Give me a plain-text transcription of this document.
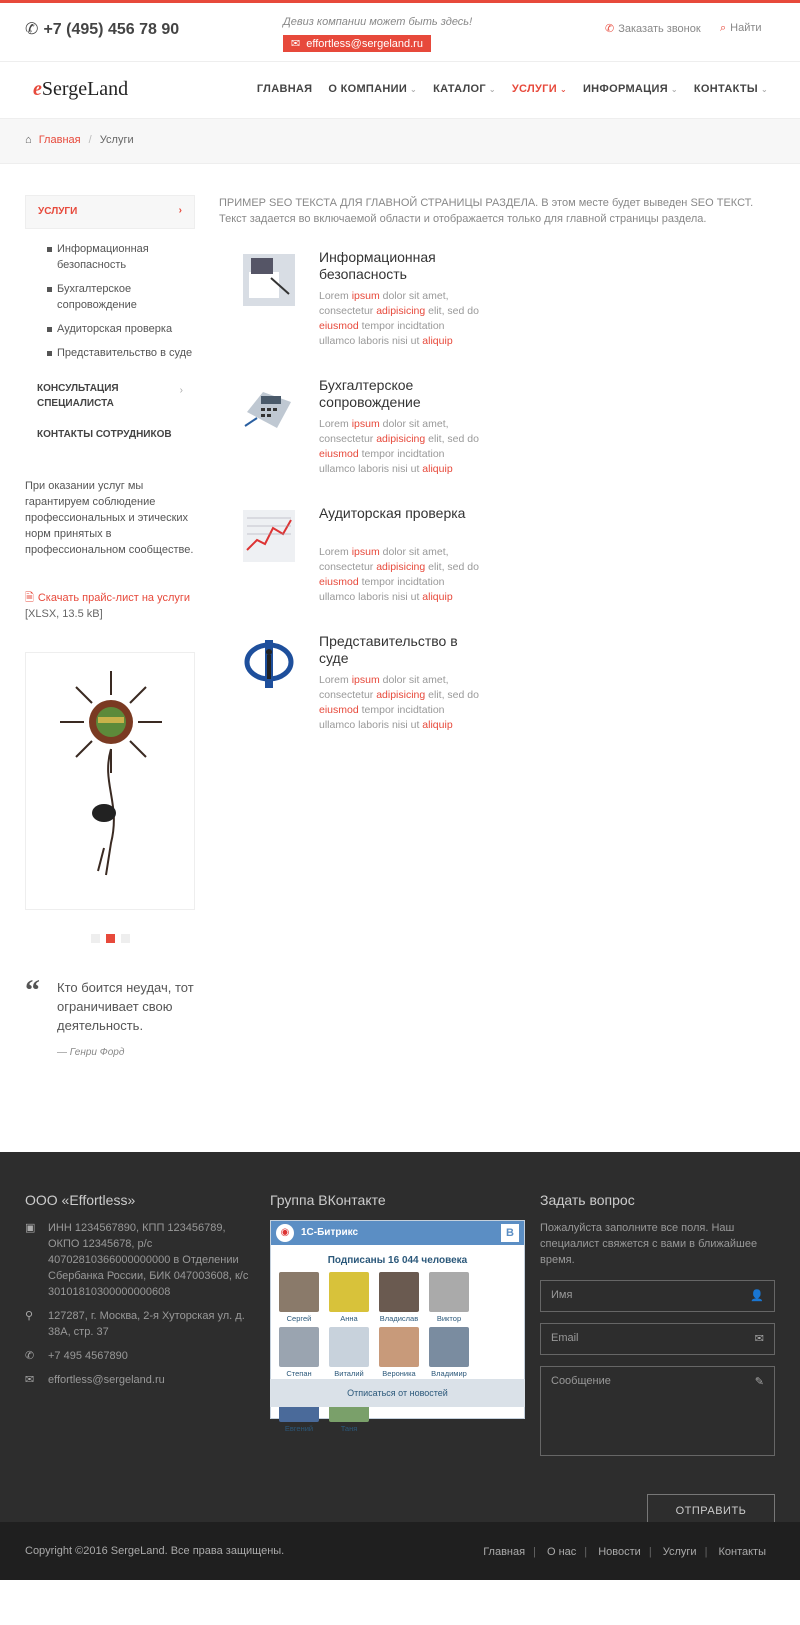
✆ +7 (495) 456 78 90	Девиз компании может быть здесь!
✉ effortless@sergeland.ru
✆ Заказать звонок ⌕ Найти
eSergeLand	ГЛАВНАЯ О КОМПАНИИ ⌄ КАТАЛОГ ⌄ УСЛУГИ ⌄ ИНФОРМАЦИЯ ⌄ КОНТАКТЫ ⌄
⌂ Главная / Услуги
УСЛУГИ	›
Информационная безопасность
Бухгалтерское сопровождение
Аудиторская проверка
Представительство в суде
КОНСУЛЬТАЦИЯ СПЕЦИАЛИСТА
›
КОНТАКТЫ СОТРУДНИКОВ
При оказании услуг мы гарантируем соблюдение профессиональных и этических норм принятых в профессиональном сообществе.
🗎 Скачать прайс-лист на услуги [XLSX, 13.5 kB]
“ Кто боится неудач, тот ограничивает свою деятельность.
— Генри Форд
ПРИМЕР SEO ТЕКСТА ДЛЯ ГЛАВНОЙ СТРАНИЦЫ РАЗДЕЛА. В этом месте будет выведен SEO ТЕКСТ. Текст задается во включаемой области и отображается только для главной страницы раздела.
Информационная безопасность
Lorem ipsum dolor sit amet, consectetur adipisicing elit, sed do eiusmod tempor incidtation ullamco laboris nisi ut aliquip
Бухгалтерское сопровождение
Lorem ipsum dolor sit amet, consectetur adipisicing elit, sed do eiusmod tempor incidtation ullamco laboris nisi ut aliquip
Аудиторская проверка
Lorem ipsum dolor sit amet, consectetur adipisicing elit, sed do eiusmod tempor incidtation ullamco laboris nisi ut aliquip
Представительство в суде
Lorem ipsum dolor sit amet, consectetur adipisicing elit, sed do eiusmod tempor incidtation ullamco laboris nisi ut aliquip
ООО «Effortless»
▣ ИНН 1234567890, КПП 123456789, ОКПО 12345678, р/с 40702810366000000000 в Отделении Сбербанка России, БИК 047003608, к/с 30101810300000000608
⚲ 127287, г. Москва, 2-я Хуторская ул. д. 38А, стр. 37
✆ +7 495 4567890
✉ effortless@sergeland.ru
Группа ВКонтакте
◉	1С-Битрикс	B
Подписаны 16 044 человека
Сергей	Анна	Владислав	Виктор
Степан	Виталий	Вероника	Владимир
Евгений	Таня
Отписаться от новостей
Задать вопрос
Пожалуйста заполните все поля. Наш специалист свяжется с вами в ближайшее время.
Имя	👤
Email	✉
Сообщение	✎
ОТПРАВИТЬ
Copyright ©2016 SergeLand. Все права защищены.	Главная | О нас | Новости | Услуги | Контакты
